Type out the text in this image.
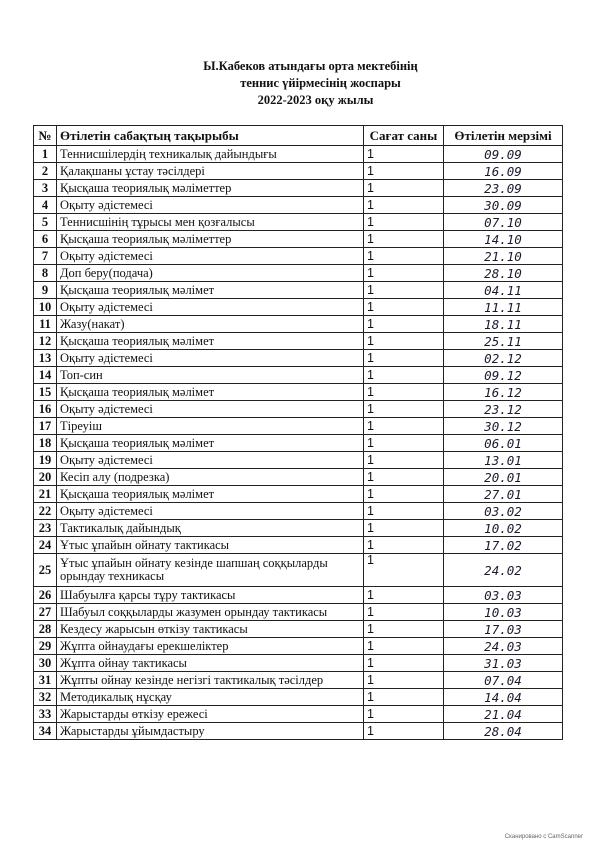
Ы.Кабеков атындағы орта мектебінің
теннис үйірмесінің жоспары
2022-2023 оқу жылы
№	Өтілетін сабақтың тақырыбы	Сағат саны	Өтілетін мерзімі
1	Теннисшілердің техникалық дайындығы	1	09.09
2	Қалақшаны ұстау тәсілдері	1	16.09
3	Қысқаша теориялық мәліметтер	1	23.09
4	Оқыту әдістемесі	1	30.09
5	Теннисшінің тұрысы мен қозғалысы	1	07.10
6	Қысқаша теориялық мәліметтер	1	14.10
7	Оқыту әдістемесі	1	21.10
8	Доп беру(подача)	1	28.10
9	Қысқаша теориялық мәлімет	1	04.11
10	Оқыту әдістемесі	1	11.11
11	Жазу(накат)	1	18.11
12	Қысқаша теориялық мәлімет	1	25.11
13	Оқыту әдістемесі	1	02.12
14	Топ-син	1	09.12
15	Қысқаша теориялық мәлімет	1	16.12
16	Оқыту әдістемесі	1	23.12
17	Тіреуіш	1	30.12
18	Қысқаша теориялық мәлімет	1	06.01
19	Оқыту әдістемесі	1	13.01
20	Кесіп алу (подрезка)	1	20.01
21	Қысқаша теориялық мәлімет	1	27.01
22	Оқыту әдістемесі	1	03.02
23	Тактикалық дайындық	1	10.02
24	Ұтыс ұпайын ойнату тактикасы	1	17.02
25	Ұтыс ұпайын ойнату кезінде шапшаң соққыларды орындау техникасы	1	24.02
26	Шабуылға қарсы тұру тактикасы	1	03.03
27	Шабуыл соққыларды жазумен орындау тактикасы	1	10.03
28	Кездесу жарысын өткізу тактикасы	1	17.03
29	Жұпта ойнаудағы ерекшеліктер	1	24.03
30	Жұпта ойнау тактикасы	1	31.03
31	Жұпты ойнау кезінде негізгі тактикалық тәсілдер	1	07.04
32	Методикалық нұсқау	1	14.04
33	Жарыстарды өткізу ережесі	1	21.04
34	Жарыстарды ұйымдастыру	1	28.04
Сканировано с CamScanner
